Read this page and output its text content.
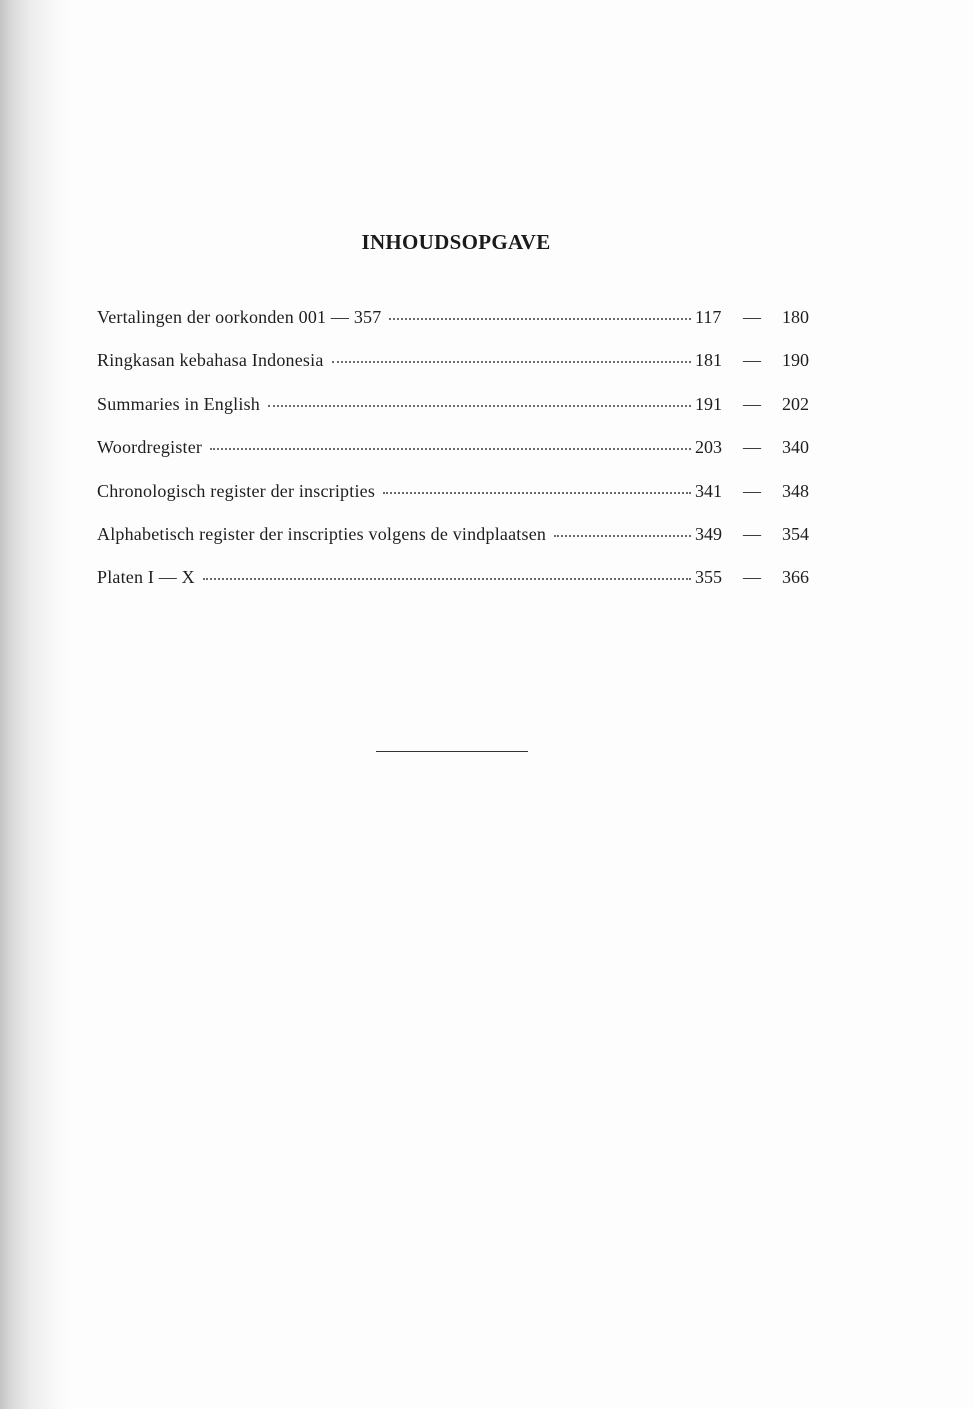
INHOUDSOPGAVE
Vertalingen der oorkonden 001 — 357	117	—	180
Ringkasan kebahasa Indonesia	181	—	190
Summaries in English	191	—	202
Woordregister	203	—	340
Chronologisch register der inscripties	341	—	348
Alphabetisch register der inscripties volgens de vindplaatsen	349	—	354
Platen I — X	355	—	366
